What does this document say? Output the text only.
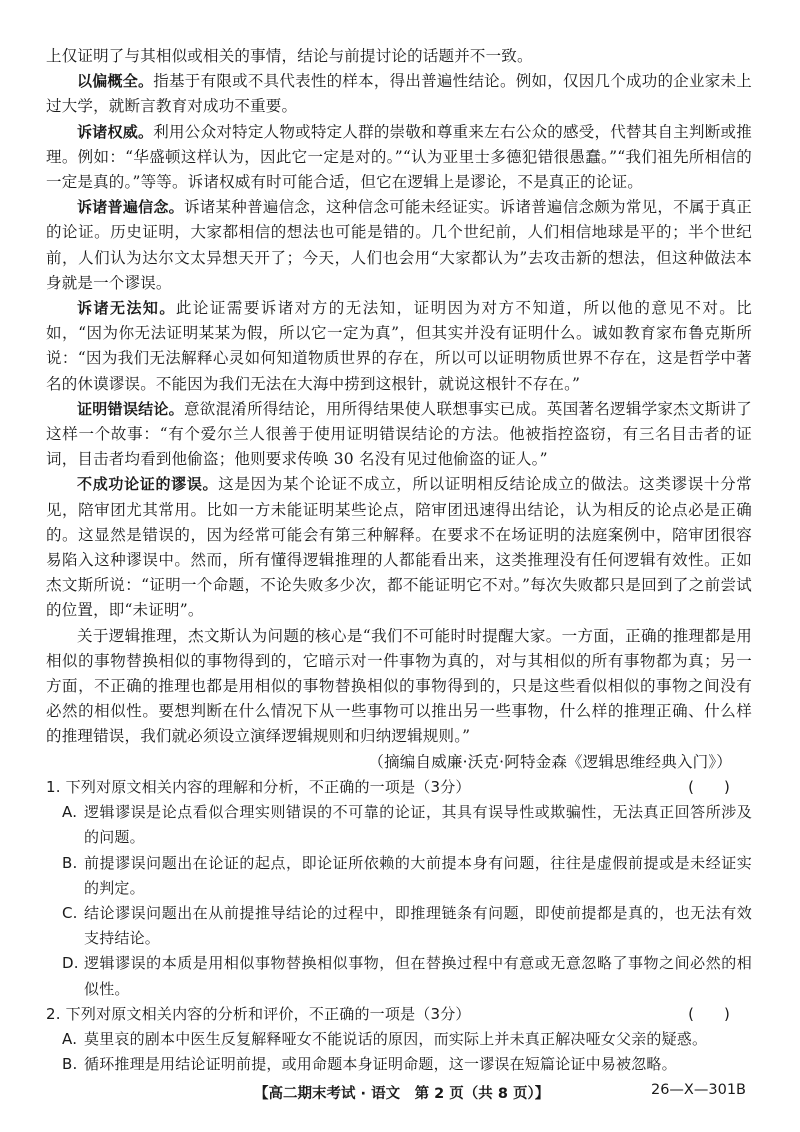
上仅证明了与其相似或相关的事情，结论与前提讨论的话题并不一致。

以偏概全。指基于有限或不具代表性的样本，得出普遍性结论。例如，仅因几个成功的企业家未上过大学，就断言教育对成功不重要。

诉诸权威。利用公众对特定人物或特定人群的崇敬和尊重来左右公众的感受，代替其自主判断或推理。例如：“华盛顿这样认为，因此它一定是对的。”“认为亚里士多德犯错很愚蠢。”“我们祖先所相信的一定是真的。”等等。诉诸权威有时可能合适，但它在逻辑上是谬论，不是真正的论证。

诉诸普遍信念。诉诸某种普遍信念，这种信念可能未经证实。诉诸普遍信念颇为常见，不属于真正的论证。历史证明，大家都相信的想法也可能是错的。几个世纪前，人们相信地球是平的；半个世纪前，人们认为达尔文太异想天开了；今天，人们也会用“大家都认为”去攻击新的想法，但这种做法本身就是一个谬误。

诉诸无法知。此论证需要诉诸对方的无法知，证明因为对方不知道，所以他的意见不对。比如，“因为你无法证明某某为假，所以它一定为真”，但其实并没有证明什么。诚如教育家布鲁克斯所说：“因为我们无法解释心灵如何知道物质世界的存在，所以可以证明物质世界不存在，这是哲学中著名的休谟谬误。不能因为我们无法在大海中捞到这根针，就说这根针不存在。”

证明错误结论。意欲混淆所得结论，用所得结果使人联想事实已成。英国著名逻辑学家杰文斯讲了这样一个故事：“有个爱尔兰人很善于使用证明错误结论的方法。他被指控盗窃，有三名目击者的证词，目击者均看到他偷盗；他则要求传唤 30 名没有见过他偷盗的证人。”

不成功论证的谬误。这是因为某个论证不成立，所以证明相反结论成立的做法。这类谬误十分常见，陪审团尤其常用。比如一方未能证明某些论点，陪审团迅速得出结论，认为相反的论点必是正确的。这显然是错误的，因为经常可能会有第三种解释。在要求不在场证明的法庭案例中，陪审团很容易陷入这种谬误中。然而，所有懂得逻辑推理的人都能看出来，这类推理没有任何逻辑有效性。正如杰文斯所说：“证明一个命题，不论失败多少次，都不能证明它不对。”每次失败都只是回到了之前尝试的位置，即“未证明”。

关于逻辑推理，杰文斯认为问题的核心是“我们不可能时时提醒大家。一方面，正确的推理都是用相似的事物替换相似的事物得到的，它暗示对一件事物为真的，对与其相似的所有事物都为真；另一方面，不正确的推理也都是用相似的事物替换相似的事物得到的，只是这些看似相似的事物之间没有必然的相似性。要想判断在什么情况下从一些事物可以推出另一些事物，什么样的推理正确、什么样的推理错误，我们就必须设立演绎逻辑规则和归纳逻辑规则。”

（摘编自威廉·沃克·阿特金森《逻辑思维经典入门》）

1. 下列对原文相关内容的理解和分析，不正确的一项是（3分）	(      )
A. 逻辑谬误是论点看似合理实则错误的不可靠的论证，其具有误导性或欺骗性，无法真正回答所涉及的问题。
B. 前提谬误问题出在论证的起点，即论证所依赖的大前提本身有问题，往往是虚假前提或是未经证实的判定。
C. 结论谬误问题出在从前提推导结论的过程中，即推理链条有问题，即使前提都是真的，也无法有效支持结论。
D. 逻辑谬误的本质是用相似事物替换相似事物，但在替换过程中有意或无意忽略了事物之间必然的相似性。
2. 下列对原文相关内容的分析和评价，不正确的一项是（3分）	(      )
A. 莫里哀的剧本中医生反复解释哑女不能说话的原因，而实际上并未真正解决哑女父亲的疑惑。
B. 循环推理是用结论证明前提，或用命题本身证明命题，这一谬误在短篇论证中易被忽略。
【高二期末考试 · 语文　第 2 页（共 8 页）】	26—X—301B
